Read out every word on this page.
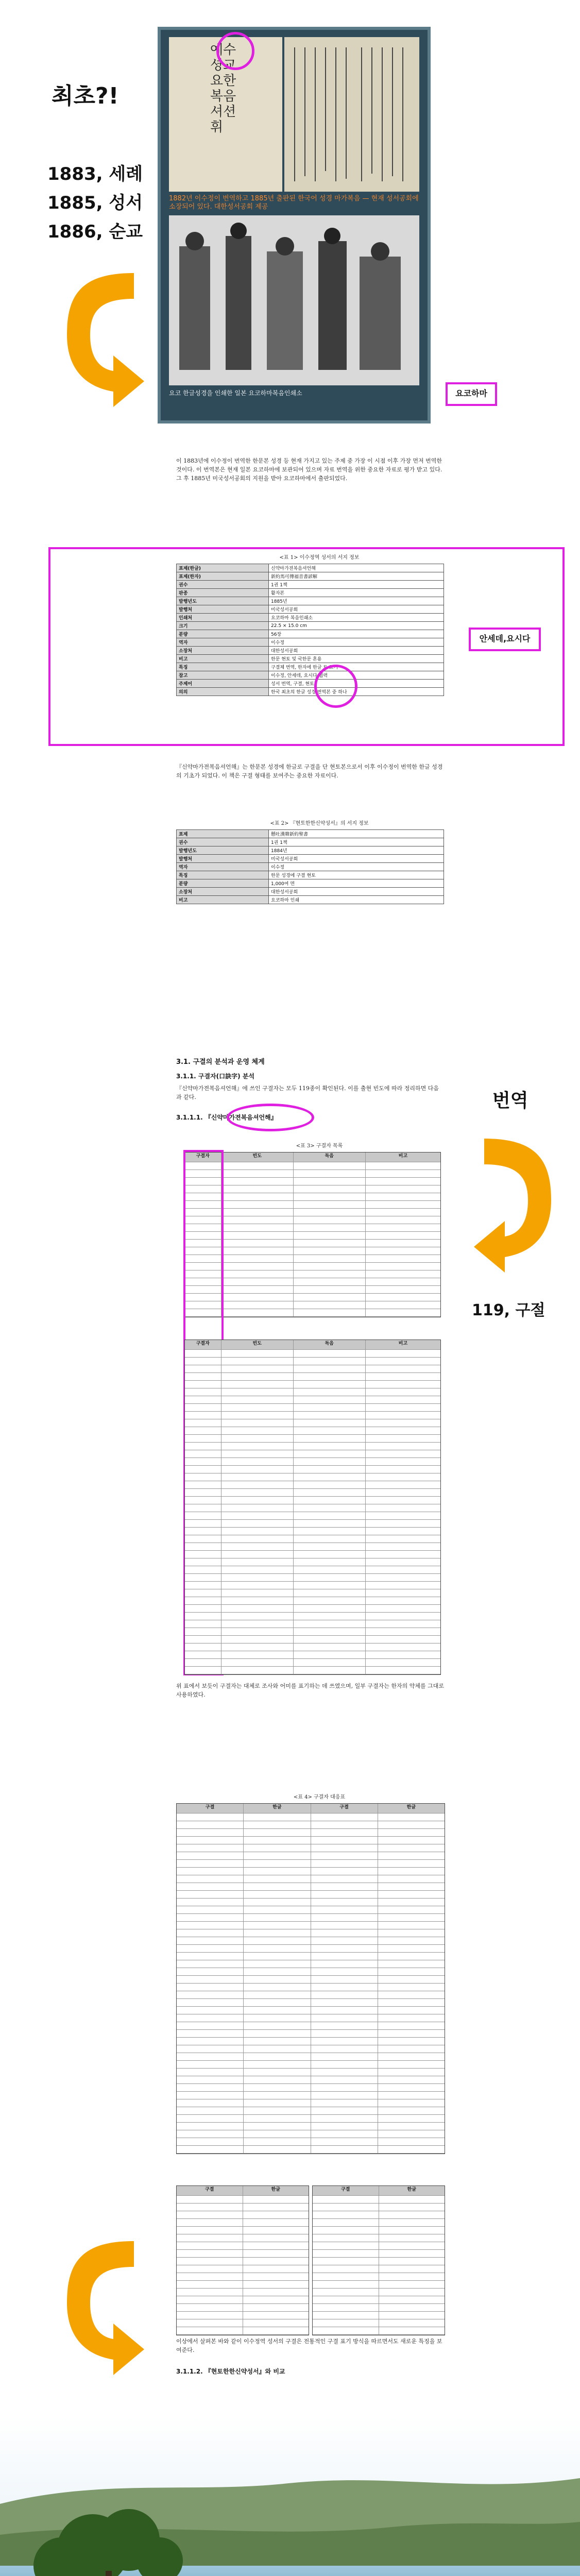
최초?!
1883, 세례
1885, 성서
1886, 순교
예수셩교요한복음셔션휘
1882년 이수정이 번역하고 1885년 출판된 한국어 성경 마가복음 — 현재 성서공회에 소장되어 있다. 대한성서공회 제공
요코 한글성경을 인쇄한 일본 요코하마복음인쇄소	요코하마
이 1883년에 이수정이 번역한 한문본 성경 등 현재 가지고 있는 주제 중 가장 이 시점 이후 가장 먼저 번역한 것이다. 이 번역본은 현재 일본 요코하마에 보관되어 있으며 자료 번역을 위한 중요한 자료로 평가 받고 있다. 그 후 1885년 미국성서공회의 지원을 받아 요코하마에서 출판되었다.
안세데,요시다
<표 1> 이수정역 성서의 서지 정보
표제(한글)	신약마가젼복음셔언해
표제(한자)	新約馬可傳福音書諺解
권수	1권 1책
판종	활자본
발행년도	1885년
발행처	미국성서공회
인쇄처	요코하마 복음인쇄소
크기	22.5 × 15.0 cm
분량	56장
역자	이수정
소장처	대한성서공회
비고	한문 현토 및 국한문 혼용
특징	구결체 번역, 한자에 한글 토 표기
참고	이수정, 안세데, 요시다 협력
주제어	성서 번역, 구결, 현토
의의	한국 최초의 한글 성경 번역본 중 하나
『신약마가젼복음셔언해』는 한문본 성경에 한글로 구결을 단 현토본으로서 이후 이수정이 번역한 한글 성경의 기초가 되었다. 이 책은 구결 형태를 보여주는 중요한 자료이다.
<표 2> 『현토한한신약성서』의 서지 정보
표제	懸吐漢韓新約聖書
권수	1권 1책
발행년도	1884년
발행처	미국성서공회
역자	이수정
특징	한문 성경에 구결 현토
분량	1,000여 면
소장처	대한성서공회
비고	요코하마 인쇄
3.1. 구결의 분석과 운영 체계
3.1.1. 구결자(口訣字) 분석
『신약마가젼복음셔언해』에 쓰인 구결자는 모두 119종이 확인된다. 이를 출현 빈도에 따라 정리하면 다음과 같다.
3.1.1.1. 『신약마가젼복음셔언해』
번역
119, 구절
<표 3> 구결자 목록
구결자	빈도	독음	비고
구결자	빈도	독음	비고
위 표에서 보듯이 구결자는 대체로 조사와 어미를 표기하는 데 쓰였으며, 일부 구결자는 한자의 약체를 그대로 사용하였다.
<표 4> 구결자 대응표
구결	한글	구결	한글
구결	한글	구결	한글
이상에서 살펴본 바와 같이 이수정역 성서의 구결은 전통적인 구결 표기 방식을 따르면서도 새로운 특징을 보여준다.
3.1.1.2. 『현토한한신약성서』와 비교
